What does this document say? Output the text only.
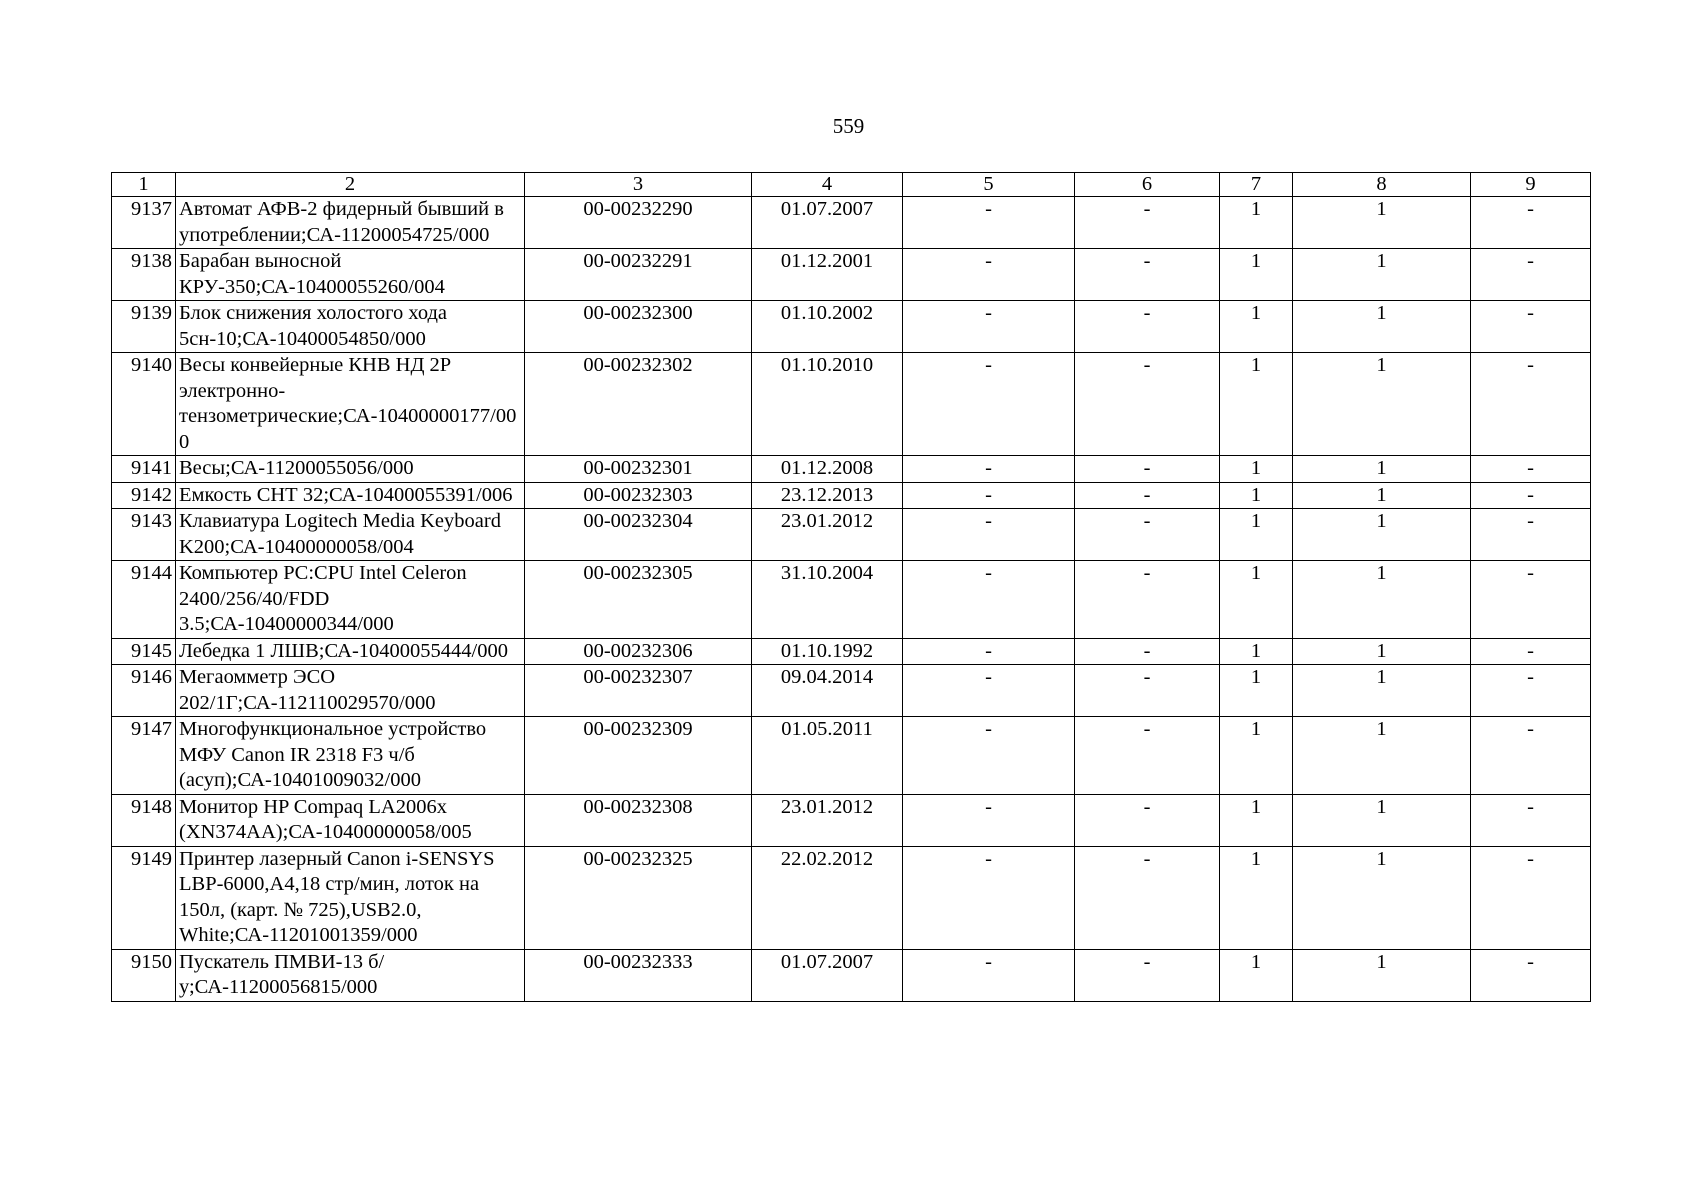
559
1	2	3	4	5	6	7	8	9
9137	Автомат АФВ-2 фидерный бывший в употреблении;СА-11200054725/000	00-00232290	01.07.2007	-	-	1	1	-
9138	Барабан выносной КРУ-350;СА-10400055260/004	00-00232291	01.12.2001	-	-	1	1	-
9139	Блок снижения холостого хода 5сн-10;СА-10400054850/000	00-00232300	01.10.2002	-	-	1	1	-
9140	Весы конвейерные КНВ НД 2Р электронно-тензометрические;СА-10400000177/000	00-00232302	01.10.2010	-	-	1	1	-
9141	Весы;СА-11200055056/000	00-00232301	01.12.2008	-	-	1	1	-
9142	Емкость СНТ 32;СА-10400055391/006	00-00232303	23.12.2013	-	-	1	1	-
9143	Клавиатура Logitech Media Keyboard K200;СА-10400000058/004	00-00232304	23.01.2012	-	-	1	1	-
9144	Компьютер PC:CPU Intel Celeron 2400/256/40/FDD 3.5;СА-10400000344/000	00-00232305	31.10.2004	-	-	1	1	-
9145	Лебедка 1 ЛШВ;СА-10400055444/000	00-00232306	01.10.1992	-	-	1	1	-
9146	Мегаомметр ЭСО 202/1Г;СА-112110029570/000	00-00232307	09.04.2014	-	-	1	1	-
9147	Многофункциональное устройство МФУ Canon IR 2318 F3 ч/б (асуп);СА-10401009032/000	00-00232309	01.05.2011	-	-	1	1	-
9148	Монитор HP Compaq LA2006x (XN374AA);СА-10400000058/005	00-00232308	23.01.2012	-	-	1	1	-
9149	Принтер лазерный Canon i-SENSYS LBP-6000,А4,18 стр/мин, лоток на 150л, (карт. № 725),USB2.0, White;СА-11201001359/000	00-00232325	22.02.2012	-	-	1	1	-
9150	Пускатель ПМВИ-13 б/у;СА-11200056815/000	00-00232333	01.07.2007	-	-	1	1	-
